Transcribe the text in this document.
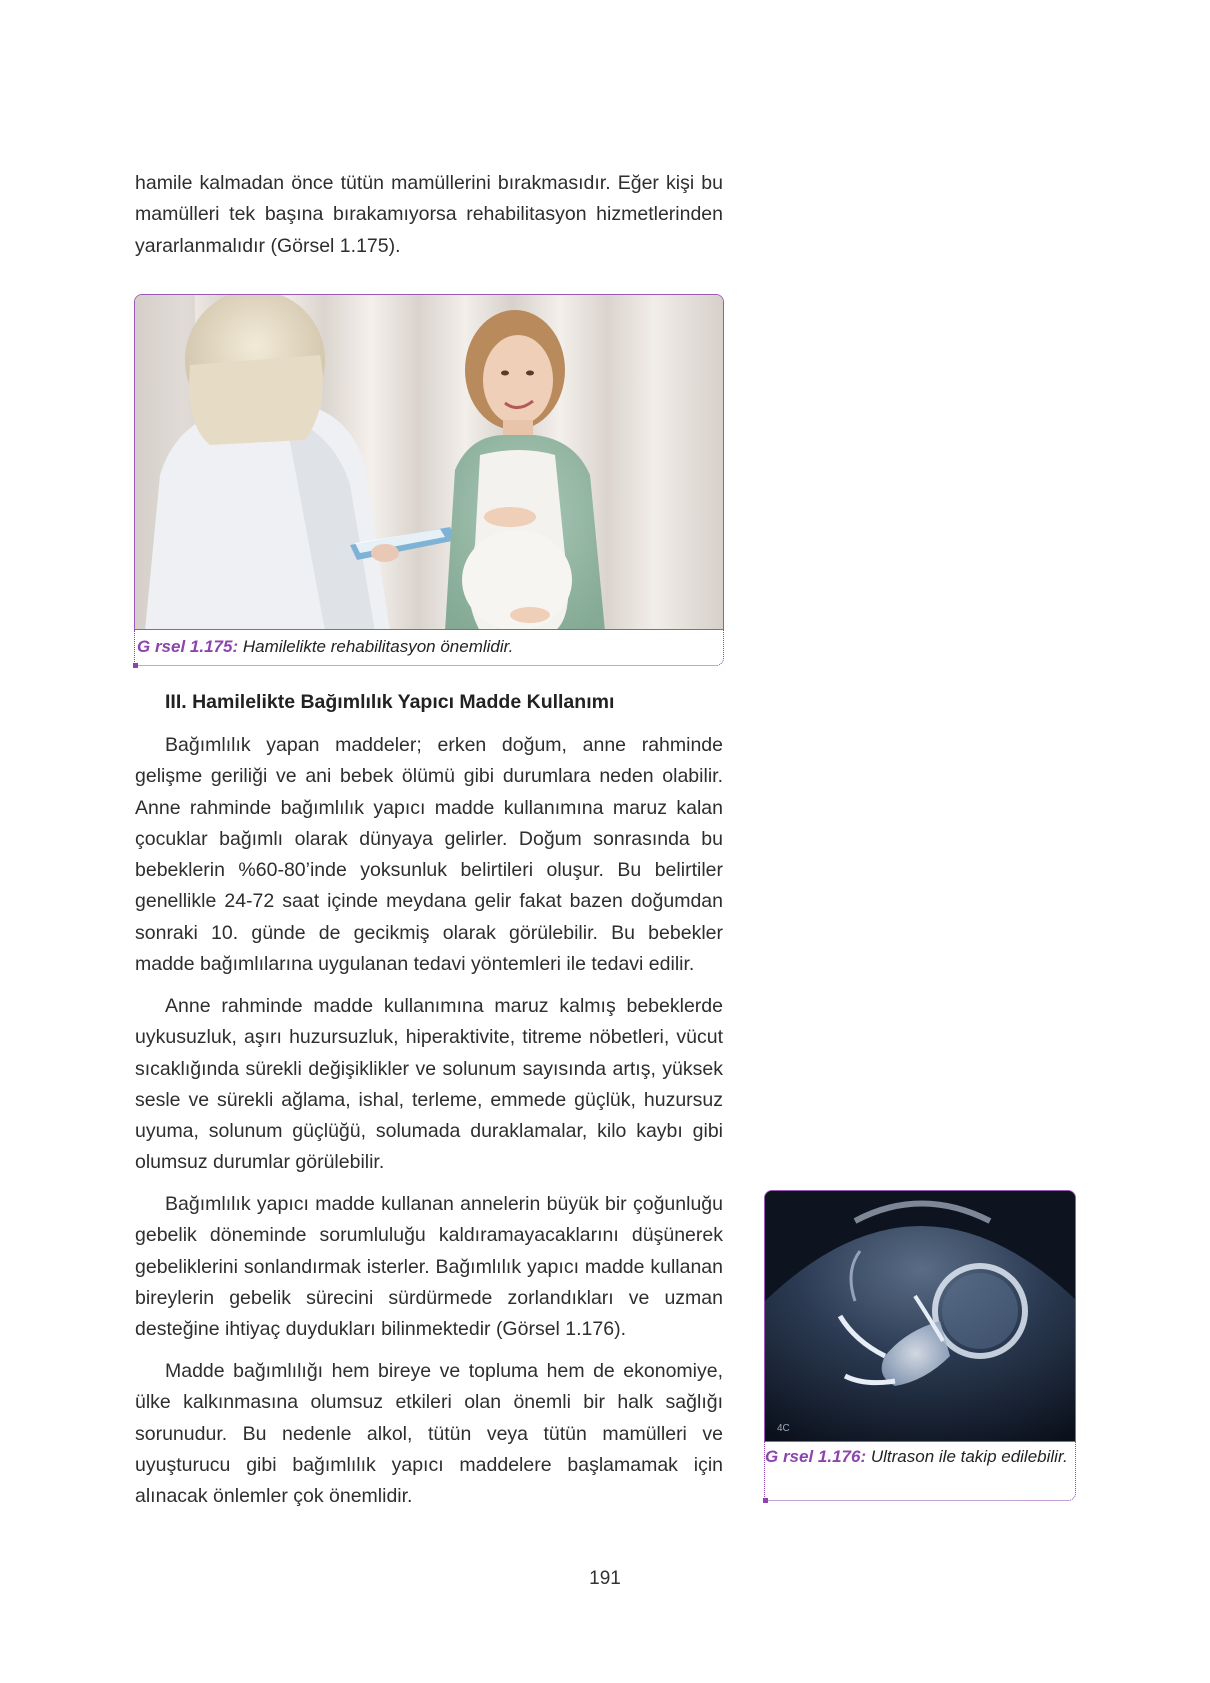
hamile kalmadan önce tütün mamüllerini bırakmasıdır. Eğer kişi bu mamülleri tek başına bırakamıyorsa rehabilitasyon hizmetlerinden yararlanmalıdır (Görsel 1.175).

G rsel 1.175: Hamilelikte rehabilitasyon önemlidir.

III. Hamilelikte Bağımlılık Yapıcı Madde Kullanımı

Bağımlılık yapan maddeler; erken doğum, anne rahminde gelişme geriliği ve ani bebek ölümü gibi durumlara neden olabilir. Anne rahminde bağımlılık yapıcı madde kullanımına maruz kalan çocuklar bağımlı olarak dünyaya gelirler. Doğum sonrasında bu bebeklerin %60-80’inde yoksunluk belirtileri oluşur. Bu belirtiler genellikle 24-72 saat içinde meydana gelir fakat bazen doğumdan sonraki 10. günde de gecikmiş olarak görülebilir. Bu bebekler madde bağımlılarına uygulanan tedavi yöntemleri ile tedavi edilir.

Anne rahminde madde kullanımına maruz kalmış bebeklerde uykusuzluk, aşırı huzursuzluk, hiperaktivite, titreme nöbetleri, vücut sıcaklığında sürekli değişiklikler ve solunum sayısında artış, yüksek sesle ve sürekli ağlama, ishal, terleme, emmede güçlük, huzursuz uyuma, solunum güçlüğü, solumada duraklamalar, kilo kaybı gibi olumsuz durumlar görülebilir.

Bağımlılık yapıcı madde kullanan annelerin büyük bir çoğunluğu gebelik döneminde sorumluluğu kaldıramayacaklarını düşünerek gebeliklerini sonlandırmak isterler. Bağımlılık yapıcı madde kullanan bireylerin gebelik sürecini sürdürmede zorlandıkları ve uzman desteğine ihtiyaç duydukları bilinmektedir (Görsel 1.176).

Madde bağımlılığı hem bireye ve topluma hem de ekonomiye, ülke kalkınmasına olumsuz etkileri olan önemli bir halk sağlığı sorunudur. Bu nedenle alkol, tütün veya tütün mamülleri ve uyuşturucu gibi bağımlılık yapıcı maddelere başlamamak için alınacak önlemler çok önemlidir.

4C

G rsel 1.176: Ultrason ile takip edilebilir.

191
